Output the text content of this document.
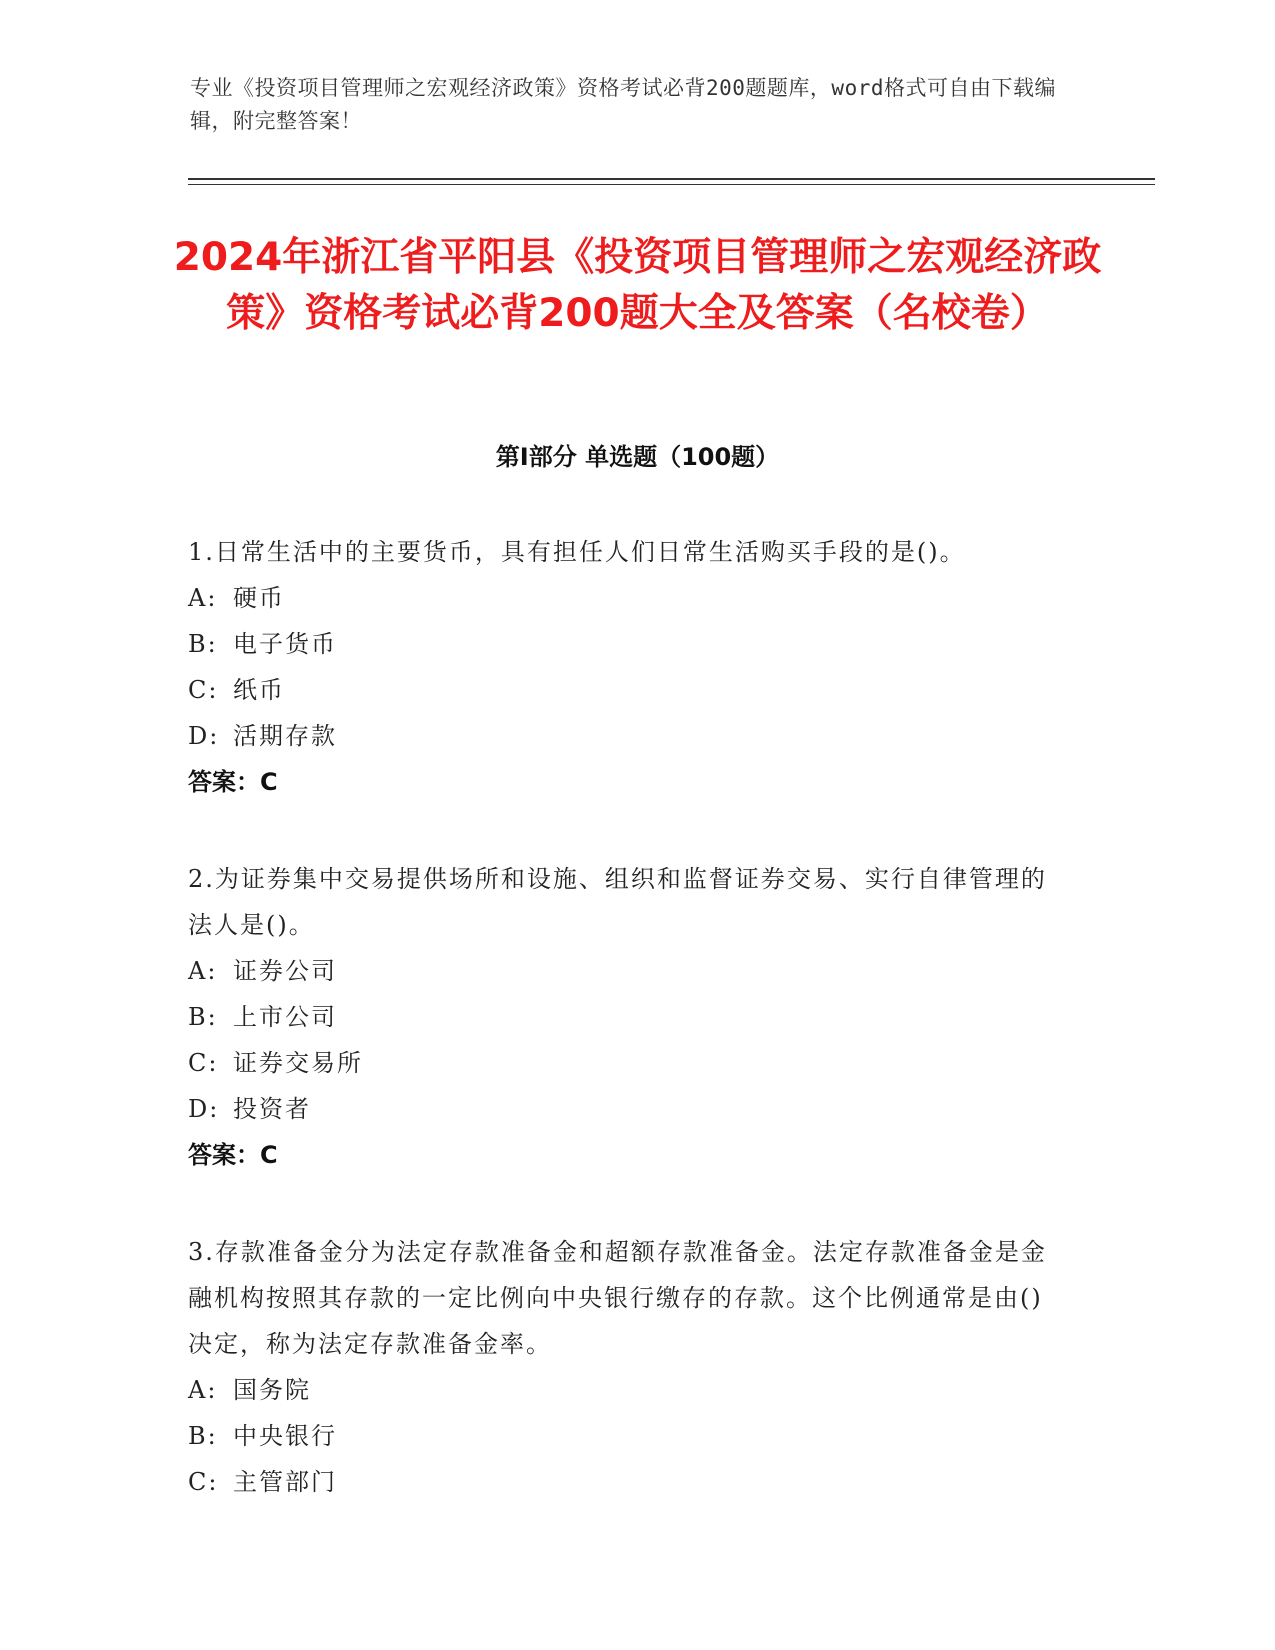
专业《投资项目管理师之宏观经济政策》资格考试必背200题题库，word格式可自由下载编辑，附完整答案！
2024年浙江省平阳县《投资项目管理师之宏观经济政策》资格考试必背200题大全及答案（名校卷）
第Ⅰ部分 单选题（100题）
1.日常生活中的主要货币，具有担任人们日常生活购买手段的是()。
A: 硬币
B: 电子货币
C: 纸币
D: 活期存款
答案：C
2.为证券集中交易提供场所和设施、组织和监督证券交易、实行自律管理的法人是()。
A: 证券公司
B: 上市公司
C: 证券交易所
D: 投资者
答案：C
3.存款准备金分为法定存款准备金和超额存款准备金。法定存款准备金是金融机构按照其存款的一定比例向中央银行缴存的存款。这个比例通常是由()决定，称为法定存款准备金率。
A: 国务院
B: 中央银行
C: 主管部门
